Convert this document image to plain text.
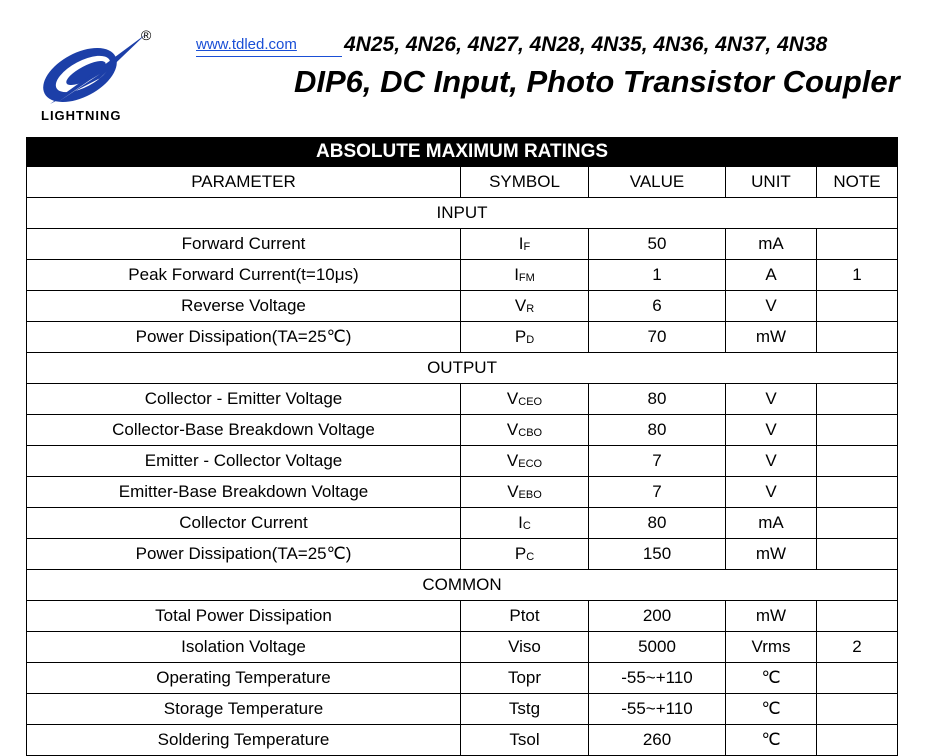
®
LIGHTNING
www.tdled.com 4N25, 4N26, 4N27, 4N28, 4N35, 4N36, 4N37, 4N38
DIP6, DC Input, Photo Transistor Coupler
ABSOLUTE MAXIMUM RATINGS				
PARAMETER	SYMBOL	VALUE	UNIT	NOTE
INPUT				
Forward Current	$I_F$	50	mA	
Peak Forward Current(t=10μs)	$I_{FM}$	1	A	1
Reverse Voltage	$V_R$	6	V	
Power Dissipation(TA=25℃)	$P_D$	70	mW	
OUTPUT				
Collector - Emitter Voltage	$V_{CEO}$	80	V	
Collector-Base Breakdown Voltage	$V_{CBO}$	80	V	
Emitter - Collector Voltage	$V_{ECO}$	7	V	
Emitter-Base Breakdown Voltage	$V_{EBO}$	7	V	
Collector Current	$I_C$	80	mA	
Power Dissipation(TA=25℃)	$P_C$	150	mW	
COMMON				
Total Power Dissipation	Ptot	200	mW	
Isolation Voltage	Viso	5000	Vrms	2
Operating Temperature	Topr	-55~+110	℃	
Storage Temperature	Tstg	-55~+110	℃	
Soldering Temperature	Tsol	260	℃	
